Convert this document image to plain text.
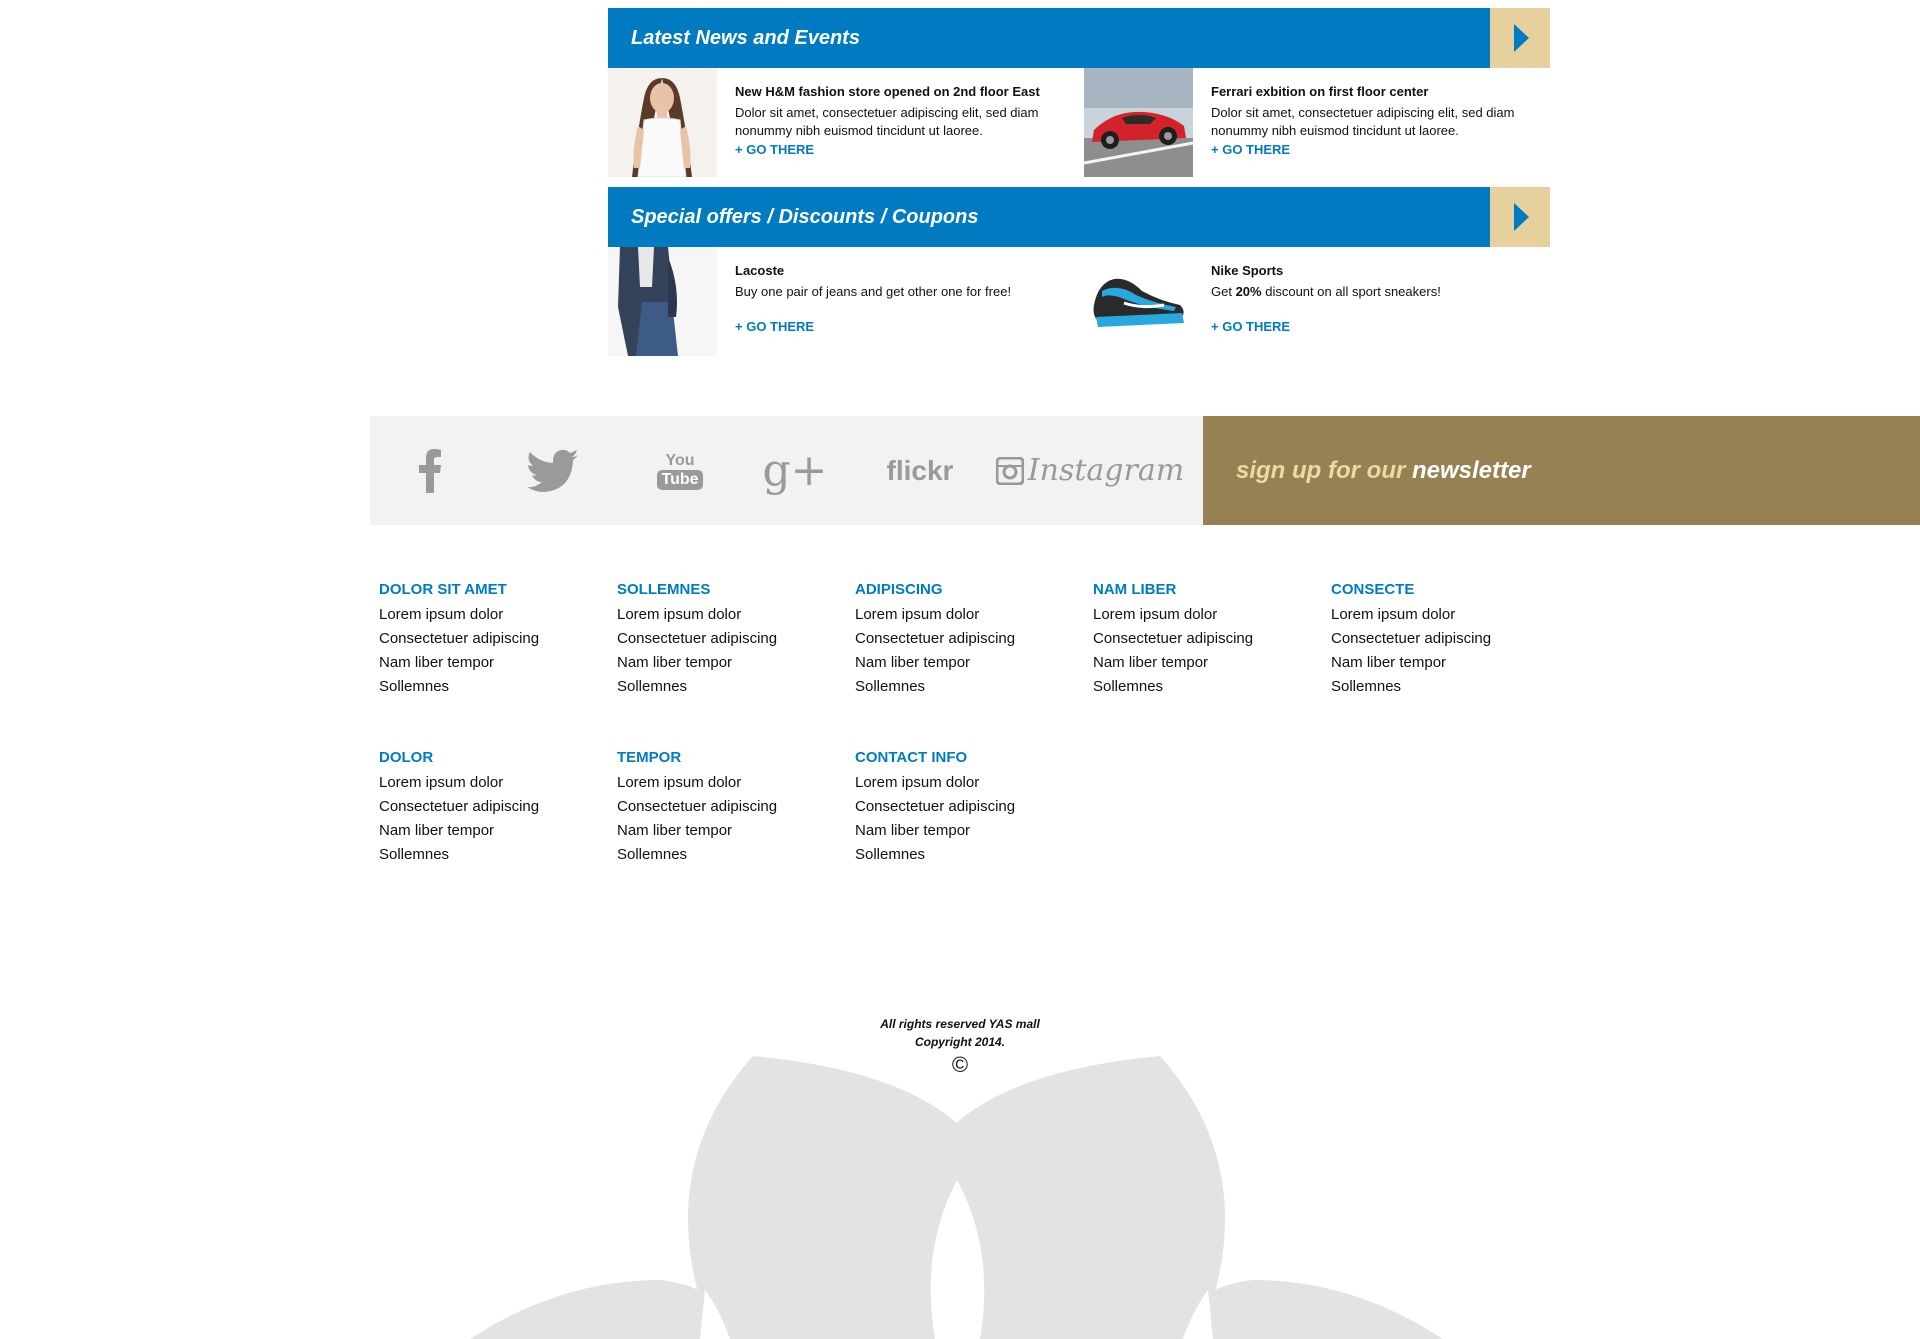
Latest News and Events
New H&M fashion store opened on 2nd floor East
Dolor sit amet, consectetuer adipiscing elit, sed diam nonummy nibh euismod tincidunt ut laoree.
+ GO THERE
Ferrari exbition on first floor center
Dolor sit amet, consectetuer adipiscing elit, sed diam nonummy nibh euismod tincidunt ut laoree.
+ GO THERE
Special offers / Discounts / Coupons
Lacoste
Buy one pair of jeans and get other one for free!
+ GO THERE
Nike Sports
Get 20% discount on all sport sneakers!
+ GO THERE
You
Tube g+ flickr Instagram sign up for our newsletter
DOLOR SIT AMET
Lorem ipsum dolor
Consectetuer adipiscing
Nam liber tempor
Sollemnes
SOLLEMNES
Lorem ipsum dolor
Consectetuer adipiscing
Nam liber tempor
Sollemnes
ADIPISCING
Lorem ipsum dolor
Consectetuer adipiscing
Nam liber tempor
Sollemnes
NAM LIBER
Lorem ipsum dolor
Consectetuer adipiscing
Nam liber tempor
Sollemnes
CONSECTE
Lorem ipsum dolor
Consectetuer adipiscing
Nam liber tempor
Sollemnes
DOLOR
Lorem ipsum dolor
Consectetuer adipiscing
Nam liber tempor
Sollemnes
TEMPOR
Lorem ipsum dolor
Consectetuer adipiscing
Nam liber tempor
Sollemnes
CONTACT INFO
Lorem ipsum dolor
Consectetuer adipiscing
Nam liber tempor
Sollemnes
All rights reserved YAS mall
Copyright 2014.
©
